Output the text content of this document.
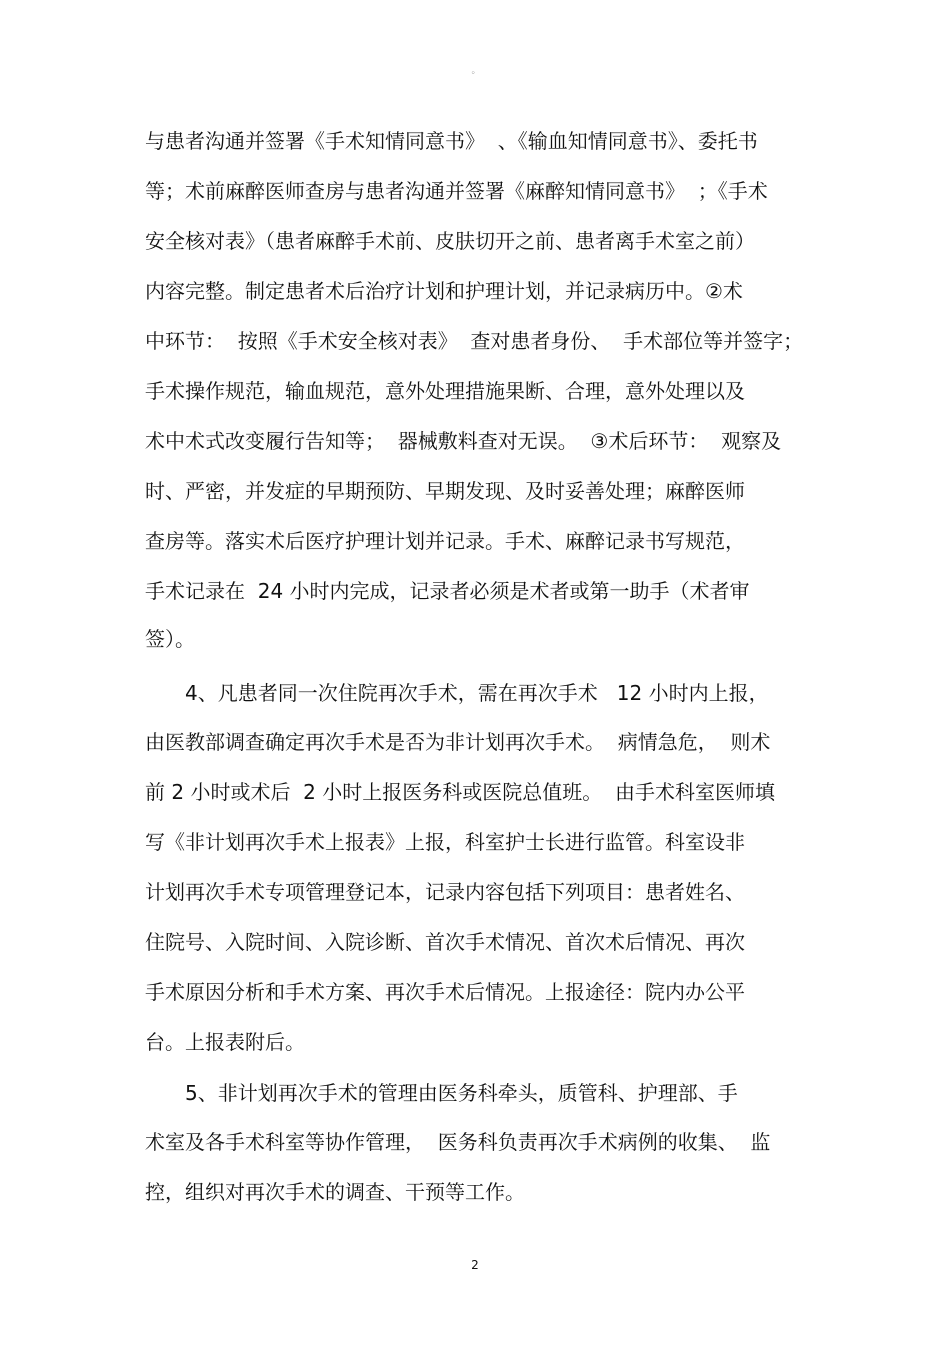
。
与患者沟通并签署《手术知情同意书》  、《输血知情同意书》、委托书
等；术前麻醉医师查房与患者沟通并签署《麻醉知情同意书》  ；《手术
安全核对表》（患者麻醉手术前、皮肤切开之前、患者离手术室之前）
内容完整。制定患者术后治疗计划和护理计划，并记录病历中。②术
中环节：  按照《手术安全核对表》  查对患者身份、  手术部位等并签字；
手术操作规范，输血规范，意外处理措施果断、合理，意外处理以及
术中术式改变履行告知等；  器械敷料查对无误。  ③术后环节：  观察及
时、严密，并发症的早期预防、早期发现、及时妥善处理；麻醉医师
查房等。落实术后医疗护理计划并记录。手术、麻醉记录书写规范，
手术记录在  24 小时内完成，记录者必须是术者或第一助手（术者审
签）。
4、凡患者同一次住院再次手术，需在再次手术   12 小时内上报，
由医教部调查确定再次手术是否为非计划再次手术。  病情急危，  则术
前 2 小时或术后  2 小时上报医务科或医院总值班。  由手术科室医师填
写《非计划再次手术上报表》上报，科室护士长进行监管。科室设非
计划再次手术专项管理登记本，记录内容包括下列项目：患者姓名、
住院号、入院时间、入院诊断、首次手术情况、首次术后情况、再次
手术原因分析和手术方案、再次手术后情况。上报途径：院内办公平
台。上报表附后。
5、非计划再次手术的管理由医务科牵头，质管科、护理部、手
术室及各手术科室等协作管理，  医务科负责再次手术病例的收集、  监
控，组织对再次手术的调查、干预等工作。
2
